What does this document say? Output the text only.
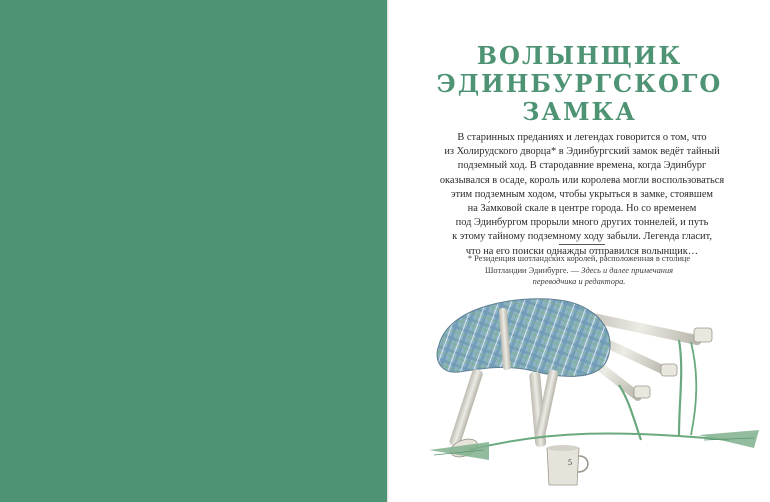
ВОЛЫНЩИК
ЭДИНБУРГСКОГО
ЗАМКА
В старинных преданиях и легендах говорится о том, что
из Холирудского дворца* в Эдинбургский замок ведёт тайный
подземный ход. В стародавние времена, когда Эдинбург
оказывался в осаде, король или королева могли воспользоваться
этим подземным ходом, чтобы укрыться в замке, стоявшем
на За́мковой скале в центре города. Но со временем
под Эдинбургом прорыли много других тоннелей, и путь
к этому тайному подземному ходу забыли. Легенда гласит,
что на его поиски однажды отправился волынщик…
* Резиденция шотландских королей, расположенная в столице
Шотландии Эдинбурге. — Здесь и далее примечания
переводчика и редактора.
5
